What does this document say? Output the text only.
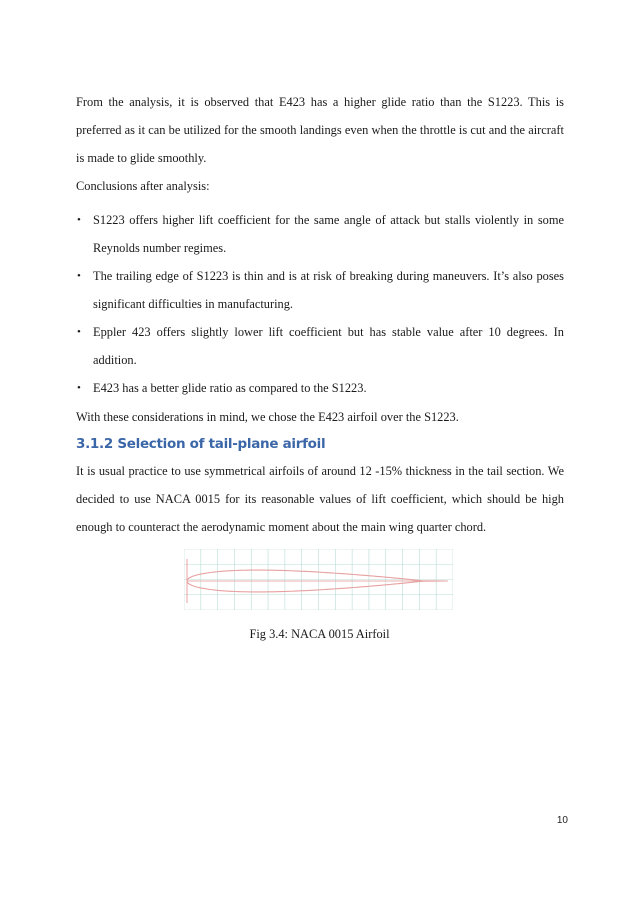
From the analysis, it is observed that E423 has a higher glide ratio than the S1223. This is preferred as it can be utilized for the smooth landings even when the throttle is cut and the aircraft is made to glide smoothly.

Conclusions after analysis:

• S1223 offers higher lift coefficient for the same angle of attack but stalls violently in some Reynolds number regimes.
• The trailing edge of S1223 is thin and is at risk of breaking during maneuvers. It’s also poses significant difficulties in manufacturing.
• Eppler 423 offers slightly lower lift coefficient but has stable value after 10 degrees. In addition.
• E423 has a better glide ratio as compared to the S1223.

With these considerations in mind, we chose the E423 airfoil over the S1223.

3.1.2 Selection of tail-plane airfoil

It is usual practice to use symmetrical airfoils of around 12 -15% thickness in the tail section. We decided to use NACA 0015 for its reasonable values of lift coefficient, which should be high enough to counteract the aerodynamic moment about the main wing quarter chord.

Fig 3.4: NACA 0015 Airfoil

10
